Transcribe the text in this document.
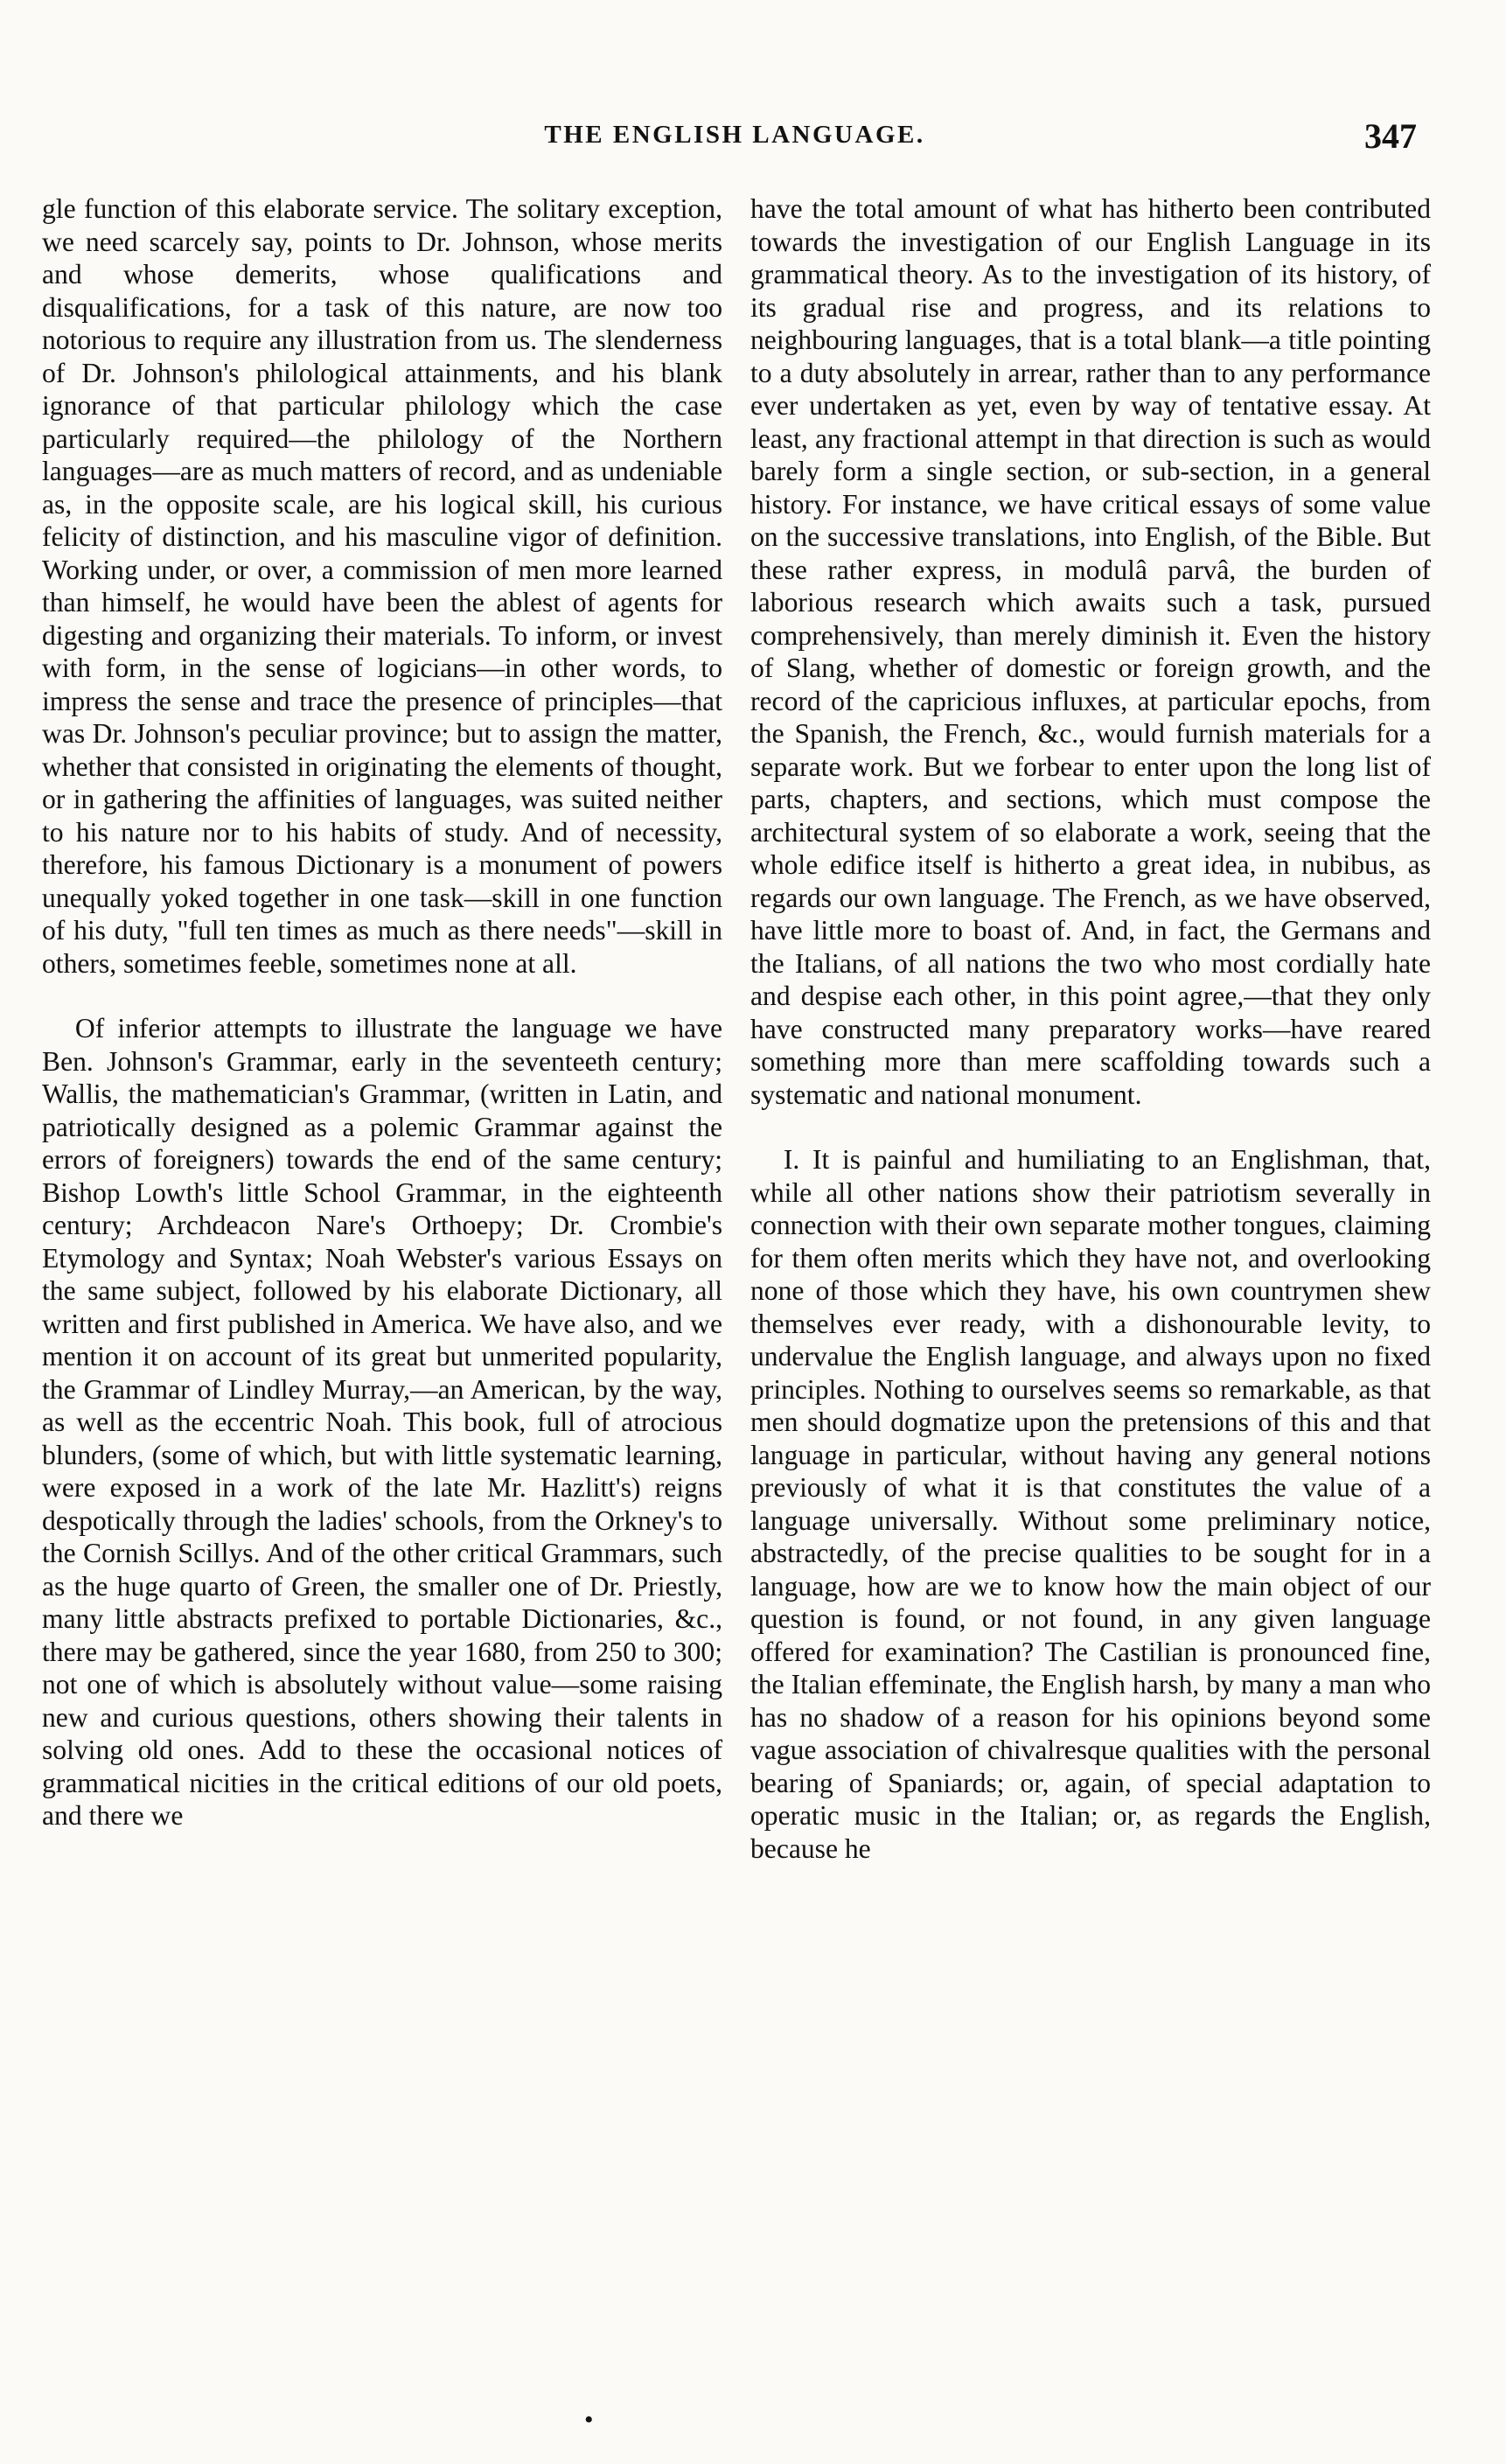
THE ENGLISH LANGUAGE.	347

gle function of this elaborate service. The solitary exception, we need scarcely say, points to Dr. Johnson, whose merits and whose demerits, whose qualifications and disqualifications, for a task of this nature, are now too notorious to require any illustration from us. The slenderness of Dr. Johnson's philological attainments, and his blank ignorance of that particular philology which the case particularly required—the philology of the Northern languages—are as much matters of record, and as undeniable as, in the opposite scale, are his logical skill, his curious felicity of distinction, and his masculine vigor of definition. Working under, or over, a commission of men more learned than himself, he would have been the ablest of agents for digesting and organizing their materials. To inform, or invest with form, in the sense of logicians—in other words, to impress the sense and trace the presence of principles—that was Dr. Johnson's peculiar province; but to assign the matter, whether that consisted in originating the elements of thought, or in gathering the affinities of languages, was suited neither to his nature nor to his habits of study. And of necessity, therefore, his famous Dictionary is a monument of powers unequally yoked together in one task—skill in one function of his duty, "full ten times as much as there needs"—skill in others, sometimes feeble, sometimes none at all.

Of inferior attempts to illustrate the language we have Ben. Johnson's Grammar, early in the seventeeth century; Wallis, the mathematician's Grammar, (written in Latin, and patriotically designed as a polemic Grammar against the errors of foreigners) towards the end of the same century; Bishop Lowth's little School Grammar, in the eighteenth century; Archdeacon Nare's Orthoepy; Dr. Crombie's Etymology and Syntax; Noah Webster's various Essays on the same subject, followed by his elaborate Dictionary, all written and first published in America. We have also, and we mention it on account of its great but unmerited popularity, the Grammar of Lindley Murray,—an American, by the way, as well as the eccentric Noah. This book, full of atrocious blunders, (some of which, but with little systematic learning, were exposed in a work of the late Mr. Hazlitt's) reigns despotically through the ladies' schools, from the Orkney's to the Cornish Scillys. And of the other critical Grammars, such as the huge quarto of Green, the smaller one of Dr. Priestly, many little abstracts prefixed to portable Dictionaries, &c., there may be gathered, since the year 1680, from 250 to 300; not one of which is absolutely without value—some raising new and curious questions, others showing their talents in solving old ones. Add to these the occasional notices of grammatical nicities in the critical editions of our old poets, and there we

have the total amount of what has hitherto been contributed towards the investigation of our English Language in its grammatical theory. As to the investigation of its history, of its gradual rise and progress, and its relations to neighbouring languages, that is a total blank—a title pointing to a duty absolutely in arrear, rather than to any performance ever undertaken as yet, even by way of tentative essay. At least, any fractional attempt in that direction is such as would barely form a single section, or sub-section, in a general history. For instance, we have critical essays of some value on the successive translations, into English, of the Bible. But these rather express, in modulâ parvâ, the burden of laborious research which awaits such a task, pursued comprehensively, than merely diminish it. Even the history of Slang, whether of domestic or foreign growth, and the record of the capricious influxes, at particular epochs, from the Spanish, the French, &c., would furnish materials for a separate work. But we forbear to enter upon the long list of parts, chapters, and sections, which must compose the architectural system of so elaborate a work, seeing that the whole edifice itself is hitherto a great idea, in nubibus, as regards our own language. The French, as we have observed, have little more to boast of. And, in fact, the Germans and the Italians, of all nations the two who most cordially hate and despise each other, in this point agree,—that they only have constructed many preparatory works—have reared something more than mere scaffolding towards such a systematic and national monument.

I. It is painful and humiliating to an Englishman, that, while all other nations show their patriotism severally in connection with their own separate mother tongues, claiming for them often merits which they have not, and overlooking none of those which they have, his own countrymen shew themselves ever ready, with a dishonourable levity, to undervalue the English language, and always upon no fixed principles. Nothing to ourselves seems so remarkable, as that men should dogmatize upon the pretensions of this and that language in particular, without having any general notions previously of what it is that constitutes the value of a language universally. Without some preliminary notice, abstractedly, of the precise qualities to be sought for in a language, how are we to know how the main object of our question is found, or not found, in any given language offered for examination? The Castilian is pronounced fine, the Italian effeminate, the English harsh, by many a man who has no shadow of a reason for his opinions beyond some vague association of chivalresque qualities with the personal bearing of Spaniards; or, again, of special adaptation to operatic music in the Italian; or, as regards the English, because he

•
